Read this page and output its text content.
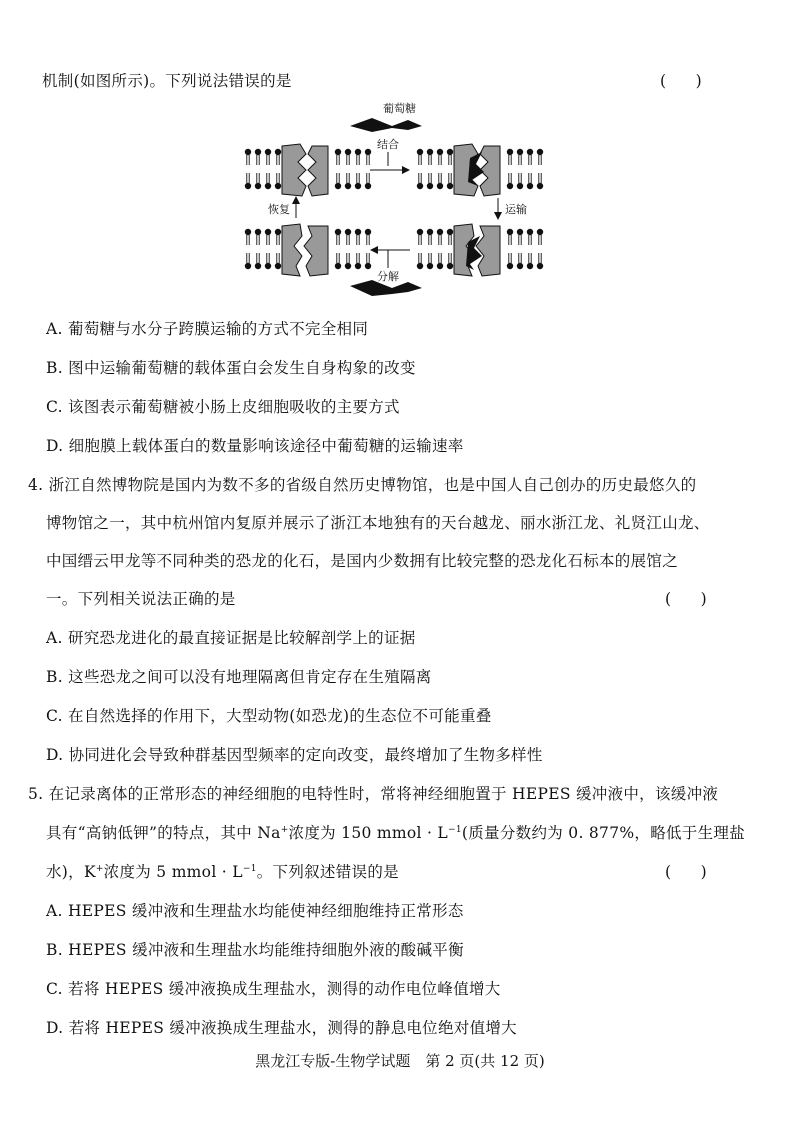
机制(如图所示)。下列说法错误的是	(      )
葡萄糖
结合
恢复	运输
分解
A. 葡萄糖与水分子跨膜运输的方式不完全相同
B. 图中运输葡萄糖的载体蛋白会发生自身构象的改变
C. 该图表示葡萄糖被小肠上皮细胞吸收的主要方式
D. 细胞膜上载体蛋白的数量影响该途径中葡萄糖的运输速率
4. 浙江自然博物院是国内为数不多的省级自然历史博物馆，也是中国人自己创办的历史最悠久的
博物馆之一，其中杭州馆内复原并展示了浙江本地独有的天台越龙、丽水浙江龙、礼贤江山龙、
中国缙云甲龙等不同种类的恐龙的化石，是国内少数拥有比较完整的恐龙化石标本的展馆之
一。下列相关说法正确的是	(      )
A. 研究恐龙进化的最直接证据是比较解剖学上的证据
B. 这些恐龙之间可以没有地理隔离但肯定存在生殖隔离
C. 在自然选择的作用下，大型动物(如恐龙)的生态位不可能重叠
D. 协同进化会导致种群基因型频率的定向改变，最终增加了生物多样性
5. 在记录离体的正常形态的神经细胞的电特性时，常将神经细胞置于 HEPES 缓冲液中，该缓冲液
具有“高钠低钾”的特点，其中 Na+浓度为 150 mmol · $L^{-1}$(质量分数约为 0. 877%，略低于生理盐
水)，K+浓度为 5 mmol · $L^{-1}$。下列叙述错误的是	(      )
A. HEPES 缓冲液和生理盐水均能使神经细胞维持正常形态
B. HEPES 缓冲液和生理盐水均能维持细胞外液的酸碱平衡
C. 若将 HEPES 缓冲液换成生理盐水，测得的动作电位峰值增大
D. 若将 HEPES 缓冲液换成生理盐水，测得的静息电位绝对值增大
黑龙江专版-生物学试题　第 2 页(共 12 页)
